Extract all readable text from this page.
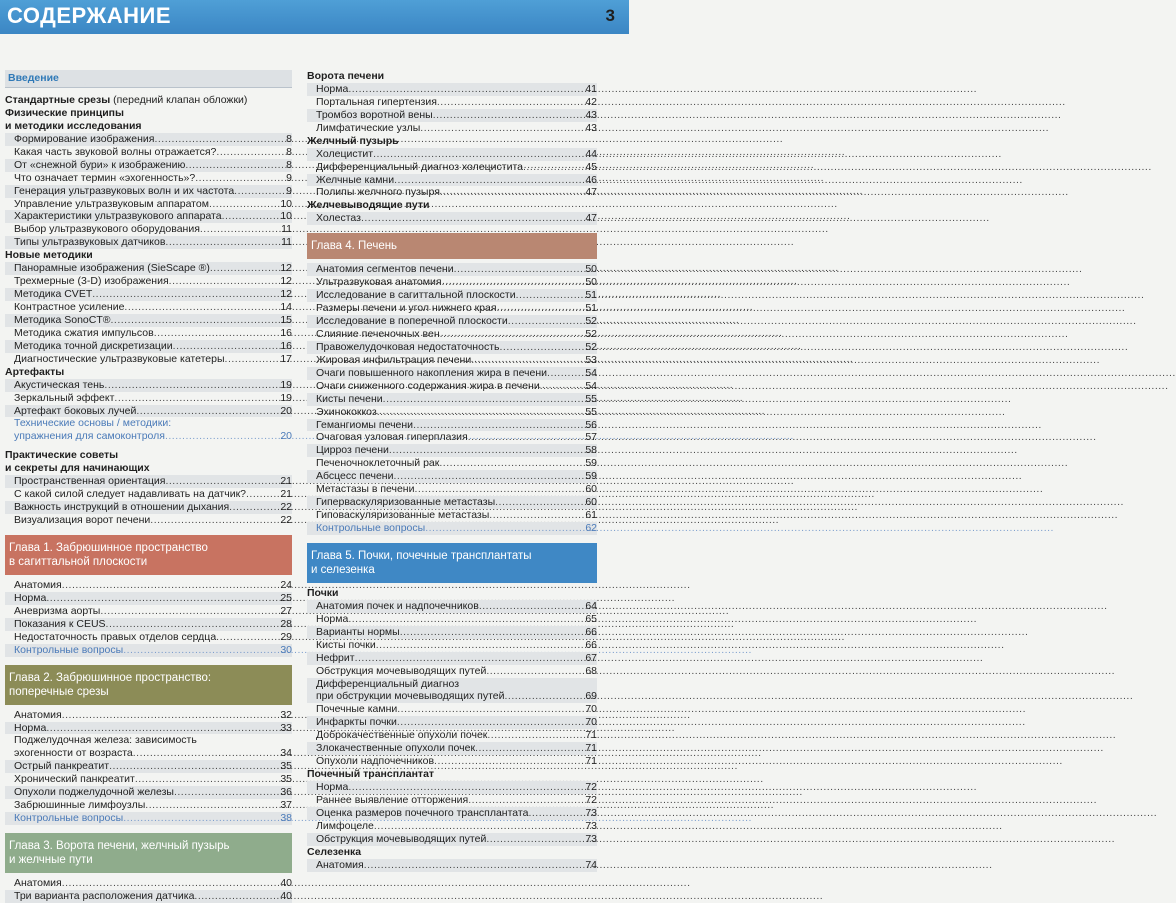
СОДЕРЖАНИЕ	3
Введение
Стандартные срезы (передний клапан обложки)
Физические принципы
и методики исследования
Формирование изображения .....	8
Какая часть звуковой волны отражается? .....	8
От «снежной бури» к изображению .....	8
Что означает термин «эхогенность»? .....	9
Генерация ультразвуковых волн и их частота .....	9
Управление ультразвуковым аппаратом .....	10
Характеристики ультразвукового аппарата .....	10
Выбор ультразвукового оборудования .....	11
Типы ультразвуковых датчиков .....	11
Новые методики
Панорамные изображения (SieScape ®) .....	12
Трехмерные (3-D) изображения .....	12
Методика CVET .....	12
Контрастное усиление .....	14
Методика SonoCT® .....	15
Методика сжатия импульсов .....	16
Методика точной дискретизации .....	16
Диагностические ультразвуковые катетеры .....	17
Артефакты
Акустическая тень .....	19
Зеркальный эффект .....	19
Артефакт боковых лучей .....	20
Технические основы / методики:
упражнения для самоконтроля .....	20
Практические советы
и секреты для начинающих
Пространственная ориентация .....	21
С какой силой следует надавливать на датчик? .....	21
Важность инструкций в отношении дыхания .....	22
Визуализация ворот печени .....	22
Глава 1. Забрюшинное пространство
в сагиттальной плоскости
Анатомия .....	24
Норма .....	25
Аневризма аорты .....	27
Показания к CEUS .....	28
Недостаточность правых отделов сердца .....	29
Контрольные вопросы .....	30
Глава 2. Забрюшинное пространство:
поперечные срезы
Анатомия .....	32
Норма .....	33
Поджелудочная железа: зависимость
эхогенности от возраста .....	34
Острый панкреатит .....	35
Хронический панкреатит .....	35
Опухоли поджелудочной железы .....	36
Забрюшинные лимфоузлы .....	37
Контрольные вопросы .....	38
Глава 3. Ворота печени, желчный пузырь
и желчные пути
Анатомия .....	40
Три варианта расположения датчика .....	40
Ворота печени
Норма .....	41
Портальная гипертензия .....	42
Тромбоз воротной вены .....	43
Лимфатические узлы .....	43
Желчный пузырь
Холецистит .....	44
Дифференциальный диагноз холецистита .....	45
Желчные камни .....	46
Полипы желчного пузыря .....	47
Желчевыводящие пути
Холестаз .....	47
Глава 4. Печень
Анатомия сегментов печени .....	50
Ультразвуковая анатомия .....	50
Исследование в сагиттальной плоскости .....	51
Размеры печени и угол нижнего края .....	51
Исследование в поперечной плоскости .....	52
Слияние печеночных вен .....	52
Правожелудочковая недостаточность .....	52
Жировая инфильтрация печени .....	53
Очаги повышенного накопления жира в печени .....	54
Очаги сниженного содержания жира в печени .....	54
Кисты печени .....	55
Эхинококкоз .....	55
Гемангиомы печени .....	56
Очаговая узловая гиперплазия .....	57
Цирроз печени .....	58
Печеночноклеточный рак .....	59
Абсцесс печени .....	59
Метастазы в печени .....	60
Гиперваскуляризованные метастазы .....	60
Гиповаскуляризованные метастазы .....	61
Контрольные вопросы .....	62
Глава 5. Почки, почечные трансплантаты
и селезенка
Почки
Анатомия почек и надпочечников .....	64
Норма .....	65
Варианты нормы .....	66
Кисты почки .....	66
Нефрит .....	67
Обструкция мочевыводящих путей .....	68
Дифференциальный диагноз
при обструкции мочевыводящих путей .....	69
Почечные камни .....	70
Инфаркты почки .....	70
Доброкачественные опухоли почек .....	71
Злокачественные опухоли почек .....	71
Опухоли надпочечников .....	71
Почечный трансплантат
Норма .....	72
Раннее выявление отторжения .....	72
Оценка размеров почечного трансплантата .....	73
Лимфоцеле .....	73
Обструкция мочевыводящих путей .....	73
Селезенка
Анатомия .....	74
